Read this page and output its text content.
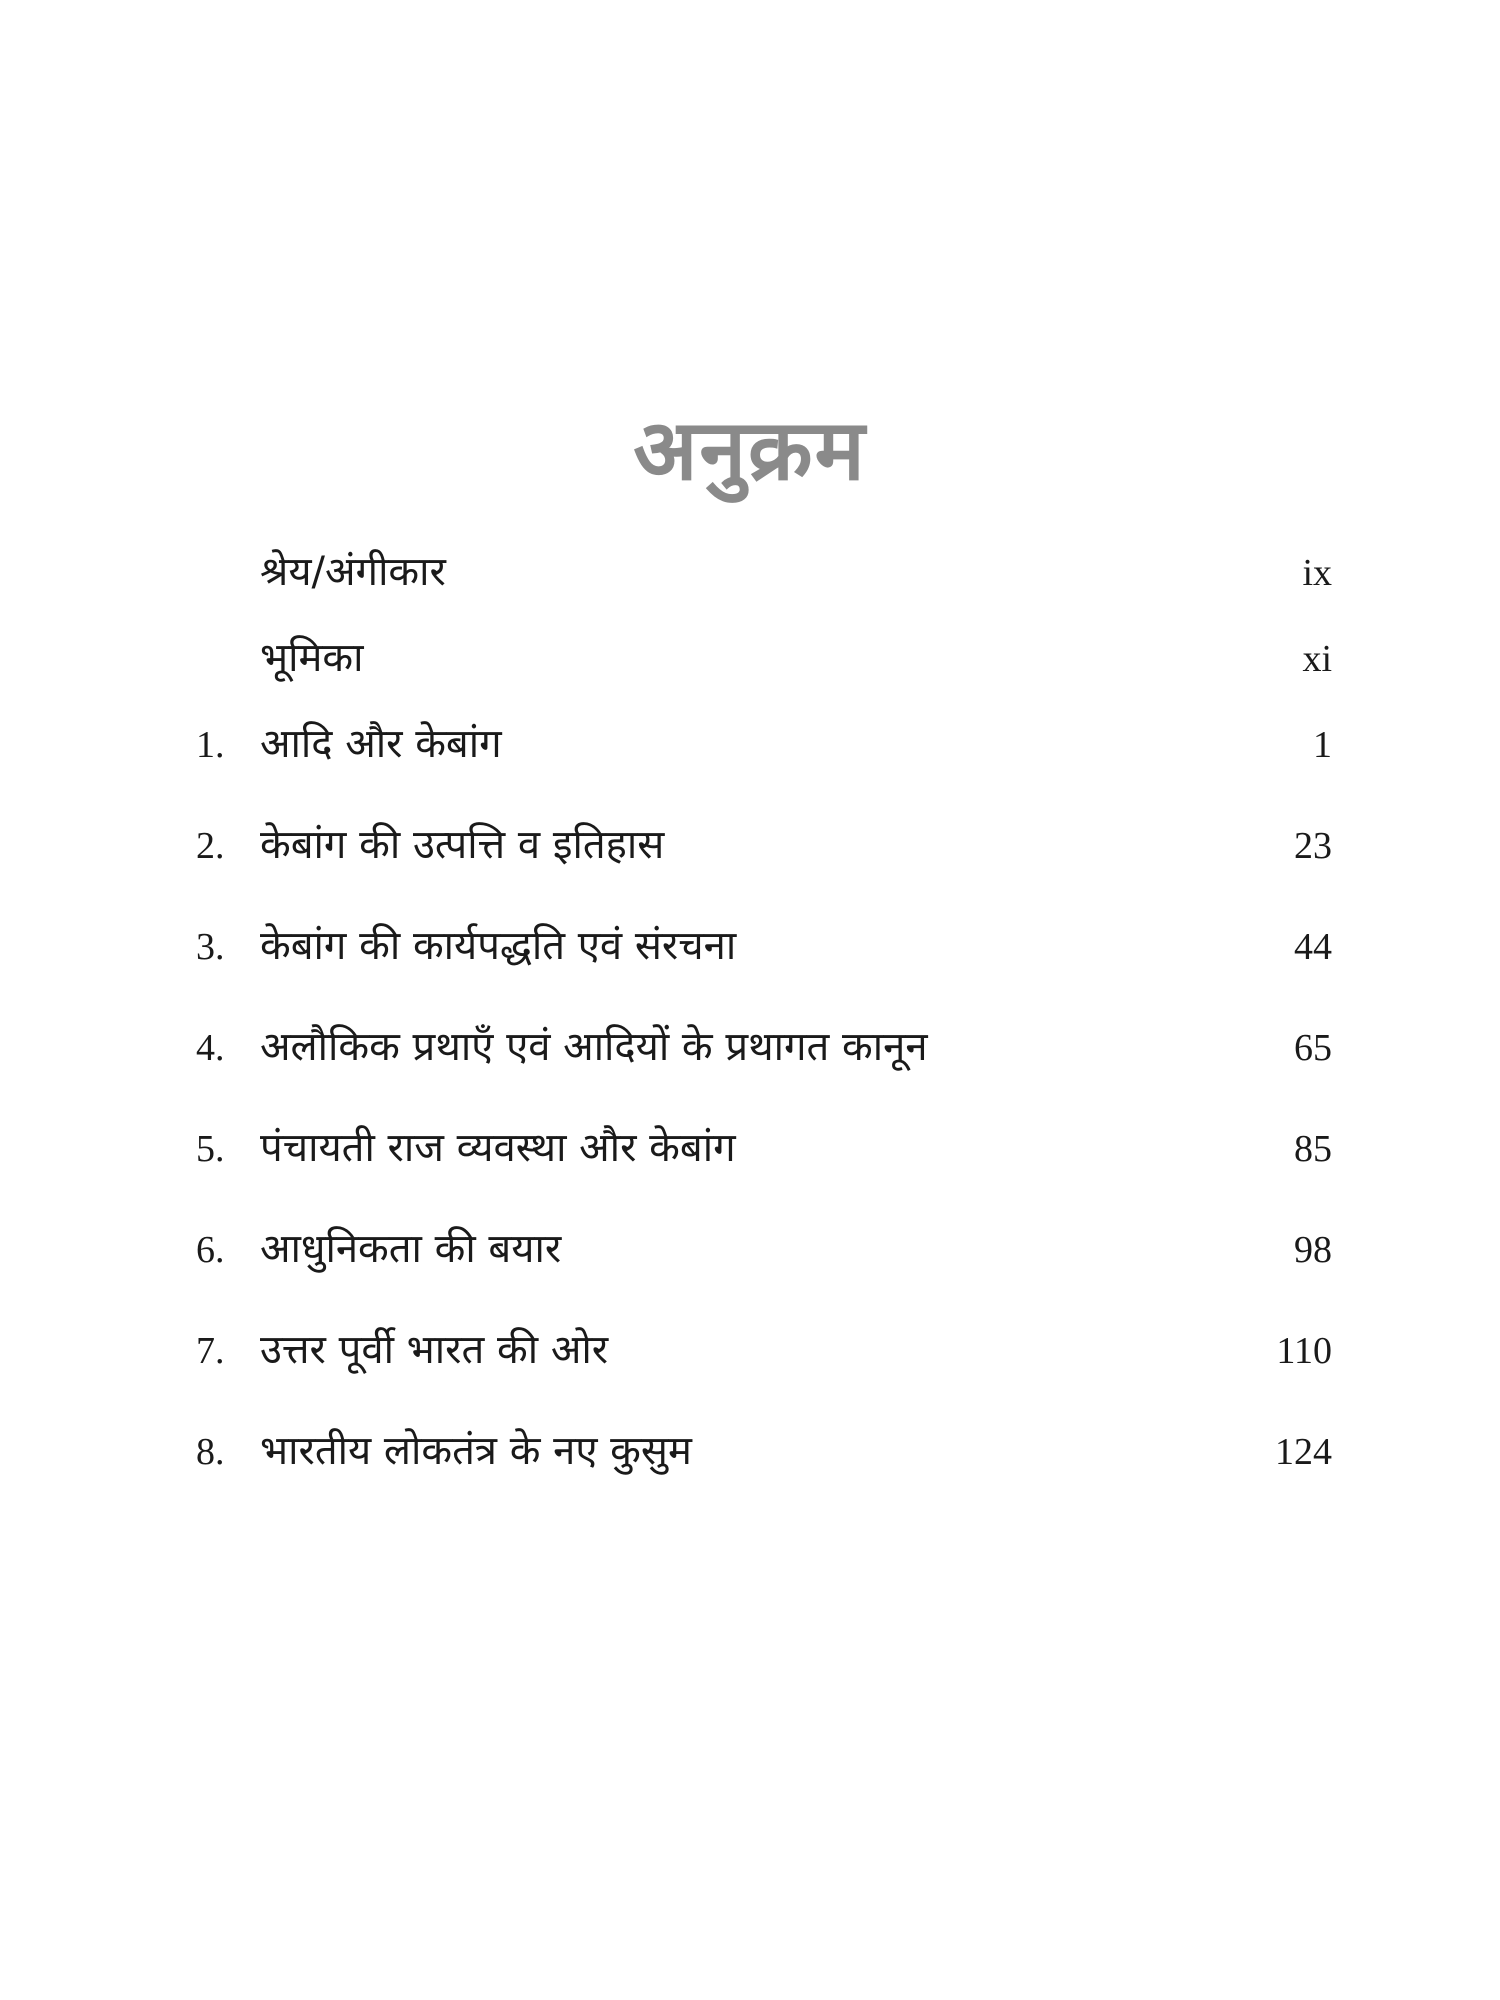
अनुक्रम
श्रेय/अंगीकार	ix
भूमिका	xi
1. आदि और केबांग	1
2. केबांग की उत्पत्ति व इतिहास	23
3. केबांग की कार्यपद्धति एवं संरचना	44
4. अलौकिक प्रथाएँ एवं आदियों के प्रथागत कानून	65
5. पंचायती राज व्यवस्था और केबांग	85
6. आधुनिकता की बयार	98
7. उत्तर पूर्वी भारत की ओर	110
8. भारतीय लोकतंत्र के नए कुसुम	124
